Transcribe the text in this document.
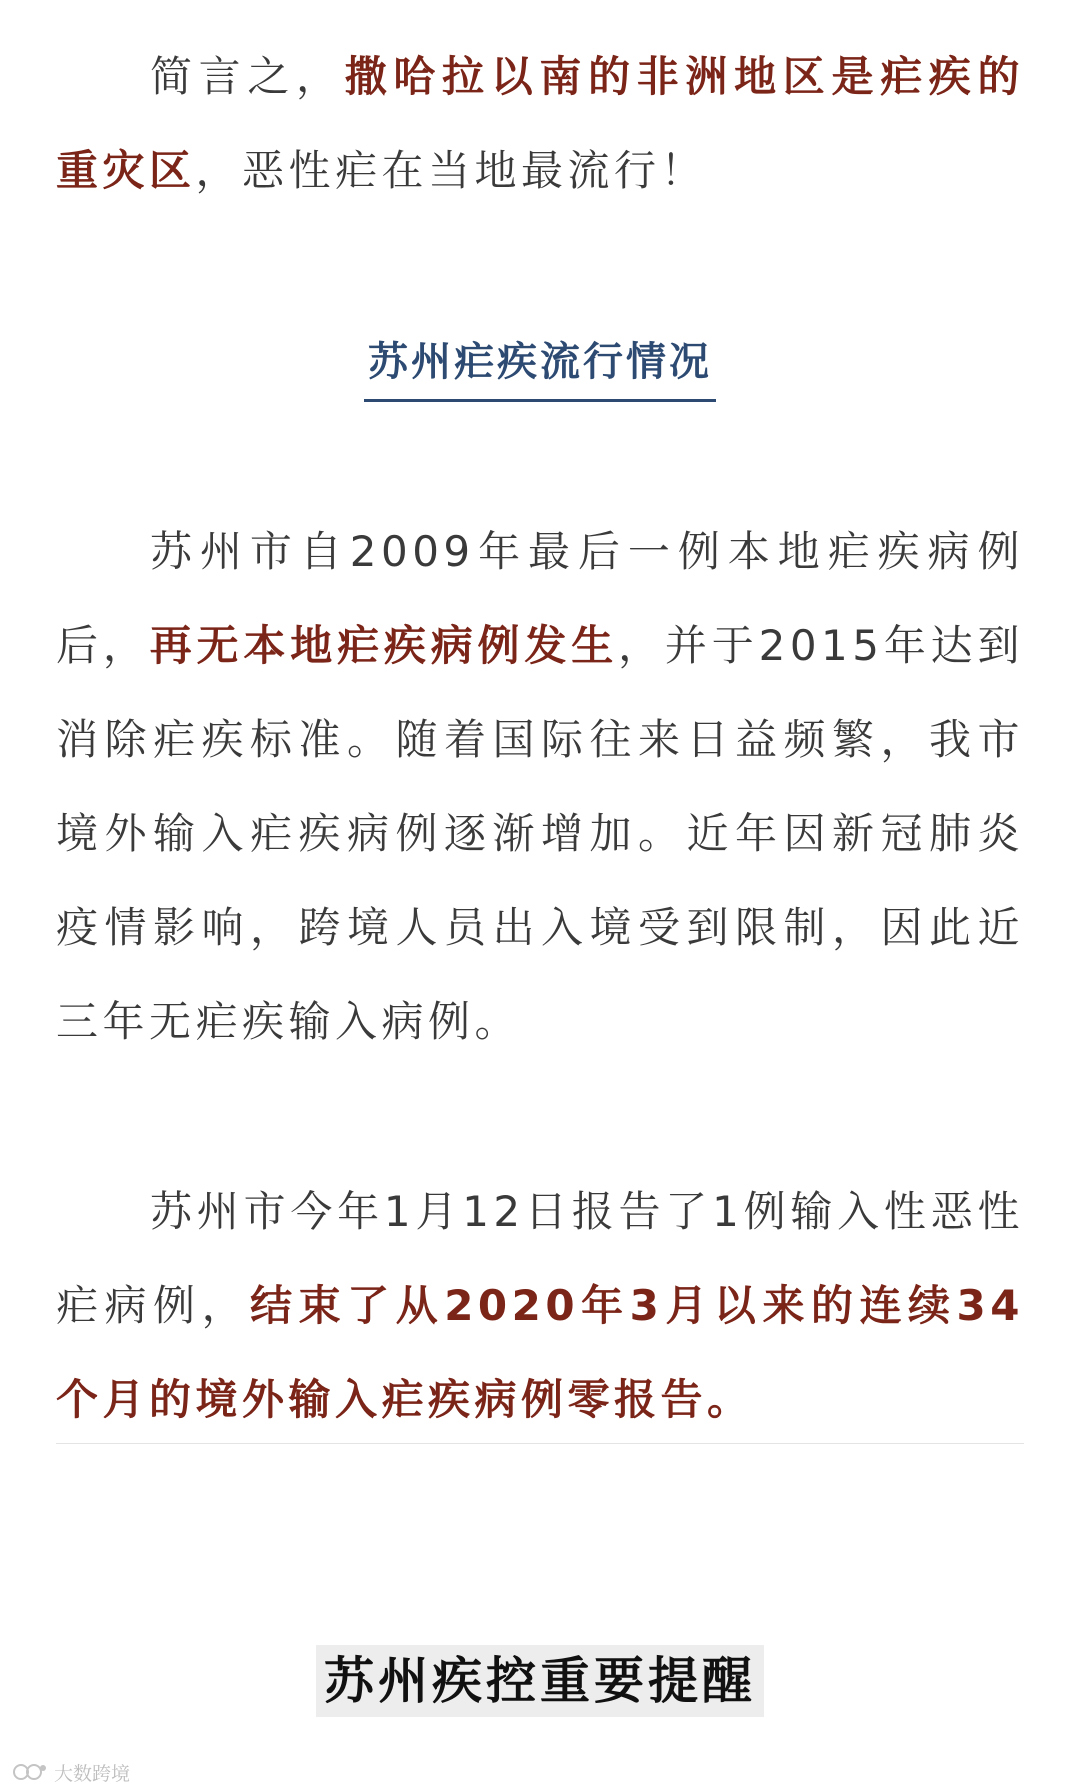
简言之，撒哈拉以南的非洲地区是疟疾的重灾区，恶性疟在当地最流行！

苏州疟疾流行情况

苏州市自2009年最后一例本地疟疾病例后，再无本地疟疾病例发生，并于2015年达到消除疟疾标准。随着国际往来日益频繁，我市境外输入疟疾病例逐渐增加。近年因新冠肺炎疫情影响，跨境人员出入境受到限制，因此近三年无疟疾输入病例。

苏州市今年1月12日报告了1例输入性恶性疟病例，结束了从2020年3月以来的连续34个月的境外输入疟疾病例零报告。

苏州疾控重要提醒
大数跨境
